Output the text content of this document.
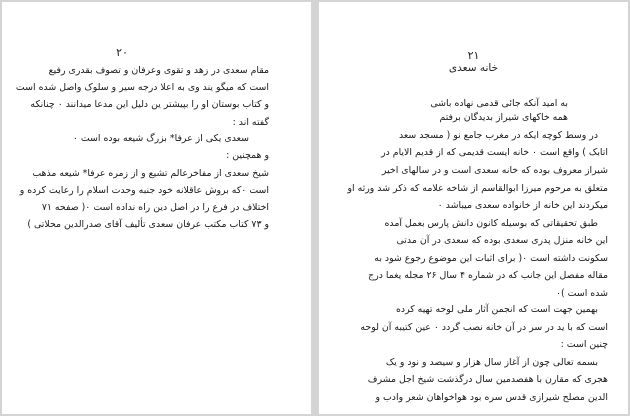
۲۰
مقام سعدی در زهد و تقوی وعرفان و تصوف بقدری رفیع
است که میگو یند وی به اعلا درجه سیر و سلوک واصل شده است
و کتاب بوستان او را بپیشتر ین دلیل این مدعا میدانند ۰ چنانکه
گفته اند :
سعدی یکی از عرفا* بزرگ شیعه بوده است ۰
و همچنین :
شیخ سعدی از مفاخرعالم تشیع و از زمره عرفا* شیعه مذهب
است ۰که بروش عاقلانه خود جنبه وحدت اسلام را رعایت کرده و
اختلاف در فرع را در اصل دین راه نداده است ۰( صفحه ۷۱
و ۷۳ کتاب مکتب عرفان سعدی تألیف آقای صدرالدین محلاتی )
۲۱
خانه سعدی
به امید آنکه جائی قدمی نهاده باشی
همه خاکهای شیراز بدیدگان برفتم
در وسط کوچه ایکه در مغرب جامع نو ( مسجد سعد
اتابک ) واقع است ۰ خانه ایست قدیمی که از قدیم الایام در
شیراز معروف بوده که خانه سعدی است و در سالهای اخیر
متعلق به مرحوم میرزا ابوالقاسم از شاخه علامه که ذکر شد ورثه او
میکردند این خانه از خانواده سعدی میباشد ۰
طبق تحقیقاتی که بوسیله کانون دانش پارس بعمل آمده
این خانه منزل پدری سعدی بوده که سعدی در آن مدتی
سکونت داشته است ۰( برای اثبات این موضوع رجوع شود به
مقاله مفصل این جانب که در شماره ۴ سال ۲۶ مجله یغما درج
شده است )۰
بهمین جهت است که انجمن آثار ملی لوحه تهیه کرده
است که با ید در سر در آن خانه نصب گردد ۰ عین کتیبه آن لوحه
چنین است :
بسمه تعالی چون از آغاز سال هزار و سیصد و نود و یک
هجری که مقارن با هفصدمین سال درگذشت شیخ اجل مشرف
الدین مصلح شیرازی قدس سره بود هواخواهان شعر وادب و
